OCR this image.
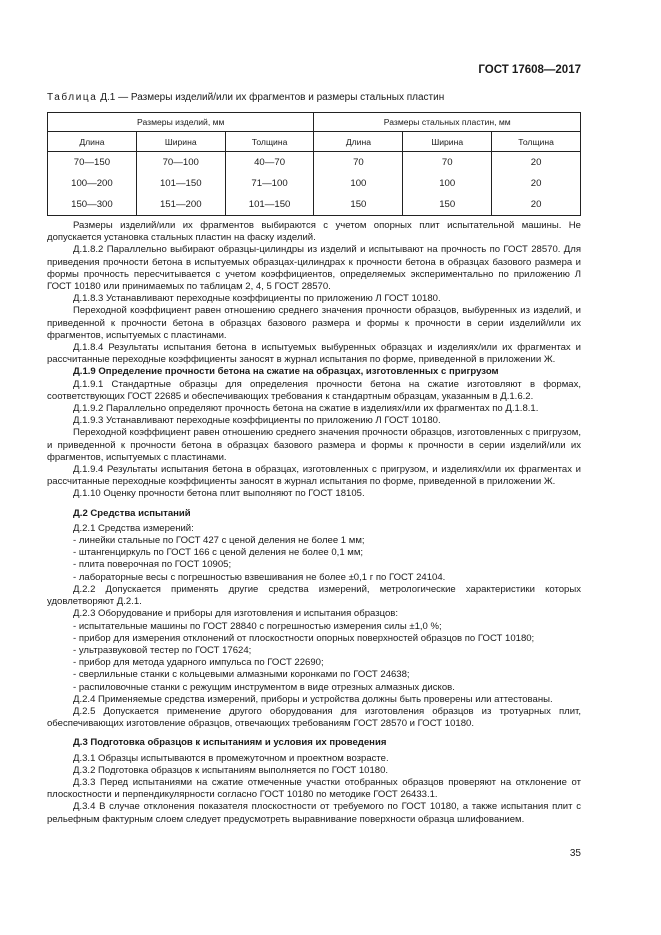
ГОСТ 17608—2017
Таблица Д.1 — Размеры изделий/или их фрагментов и размеры стальных пластин
Размеры изделий, мм			Размеры стальных пластин, мм		
Длина	Ширина	Толщина	Длина	Ширина	Толщина
70—150	70—100	40—70	70	70	20
100—200	101—150	71—100	100	100	20
150—300	151—200	101—150	150	150	20

Размеры изделий/или их фрагментов выбираются с учетом опорных плит испытательной машины. Не допускается установка стальных пластин на фаску изделий.

Д.1.8.2 Параллельно выбирают образцы-цилиндры из изделий и испытывают на прочность по ГОСТ 28570. Для приведения прочности бетона в испытуемых образцах-цилиндрах к прочности бетона в образцах базового размера и формы прочность пересчитывается с учетом коэффициентов, определяемых экспериментально по приложению Л ГОСТ 10180 или принимаемых по таблицам 2, 4, 5 ГОСТ 28570.

Д.1.8.3 Устанавливают переходные коэффициенты по приложению Л ГОСТ 10180.

Переходной коэффициент равен отношению среднего значения прочности образцов, выбуренных из изделий, и приведенной к прочности бетона в образцах базового размера и формы к прочности в серии изделий/или их фрагментов, испытуемых с пластинами.

Д.1.8.4 Результаты испытания бетона в испытуемых выбуренных образцах и изделиях/или их фрагментах и рассчитанные переходные коэффициенты заносят в журнал испытания по форме, приведенной в приложении Ж.

Д.1.9 Определение прочности бетона на сжатие на образцах, изготовленных с пригрузом

Д.1.9.1 Стандартные образцы для определения прочности бетона на сжатие изготовляют в формах, соответствующих ГОСТ 22685 и обеспечивающих требования к стандартным образцам, указанным в Д.1.6.2.

Д.1.9.2 Параллельно определяют прочность бетона на сжатие в изделиях/или их фрагментах по Д.1.8.1.

Д.1.9.3 Устанавливают переходные коэффициенты по приложению Л ГОСТ 10180.

Переходной коэффициент равен отношению среднего значения прочности образцов, изготовленных с пригрузом, и приведенной к прочности бетона в образцах базового размера и формы к прочности в серии изделий/или их фрагментов, испытуемых с пластинами.

Д.1.9.4 Результаты испытания бетона в образцах, изготовленных с пригрузом, и изделиях/или их фрагментах и рассчитанные переходные коэффициенты заносят в журнал испытания по форме, приведенной в приложении Ж.

Д.1.10 Оценку прочности бетона плит выполняют по ГОСТ 18105.

Д.2 Средства испытаний

Д.2.1 Средства измерений:

- линейки стальные по ГОСТ 427 с ценой деления не более 1 мм;

- штангенциркуль по ГОСТ 166 с ценой деления не более 0,1 мм;

- плита поверочная по ГОСТ 10905;

- лабораторные весы с погрешностью взвешивания не более ±0,1 г по ГОСТ 24104.

Д.2.2 Допускается применять другие средства измерений, метрологические характеристики которых удовлетворяют Д.2.1.

Д.2.3 Оборудование и приборы для изготовления и испытания образцов:

- испытательные машины по ГОСТ 28840 с погрешностью измерения силы ±1,0 %;

- прибор для измерения отклонений от плоскостности опорных поверхностей образцов по ГОСТ 10180;

- ультразвуковой тестер по ГОСТ 17624;

- прибор для метода ударного импульса по ГОСТ 22690;

- сверлильные станки с кольцевыми алмазными коронками по ГОСТ 24638;

- распиловочные станки с режущим инструментом в виде отрезных алмазных дисков.

Д.2.4 Применяемые средства измерений, приборы и устройства должны быть проверены или аттестованы.

Д.2.5 Допускается применение другого оборудования для изготовления образцов из тротуарных плит, обеспечивающих изготовление образцов, отвечающих требованиям ГОСТ 28570 и ГОСТ 10180.

Д.3 Подготовка образцов к испытаниям и условия их проведения

Д.3.1 Образцы испытываются в промежуточном и проектном возрасте.

Д.3.2 Подготовка образцов к испытаниям выполняется по ГОСТ 10180.

Д.3.3 Перед испытаниями на сжатие отмеченные участки отобранных образцов проверяют на отклонение от плоскостности и перпендикулярности согласно ГОСТ 10180 по методике ГОСТ 26433.1.

Д.3.4 В случае отклонения показателя плоскостности от требуемого по ГОСТ 10180, а также испытания плит с рельефным фактурным слоем следует предусмотреть выравнивание поверхности образца шлифованием.

35
